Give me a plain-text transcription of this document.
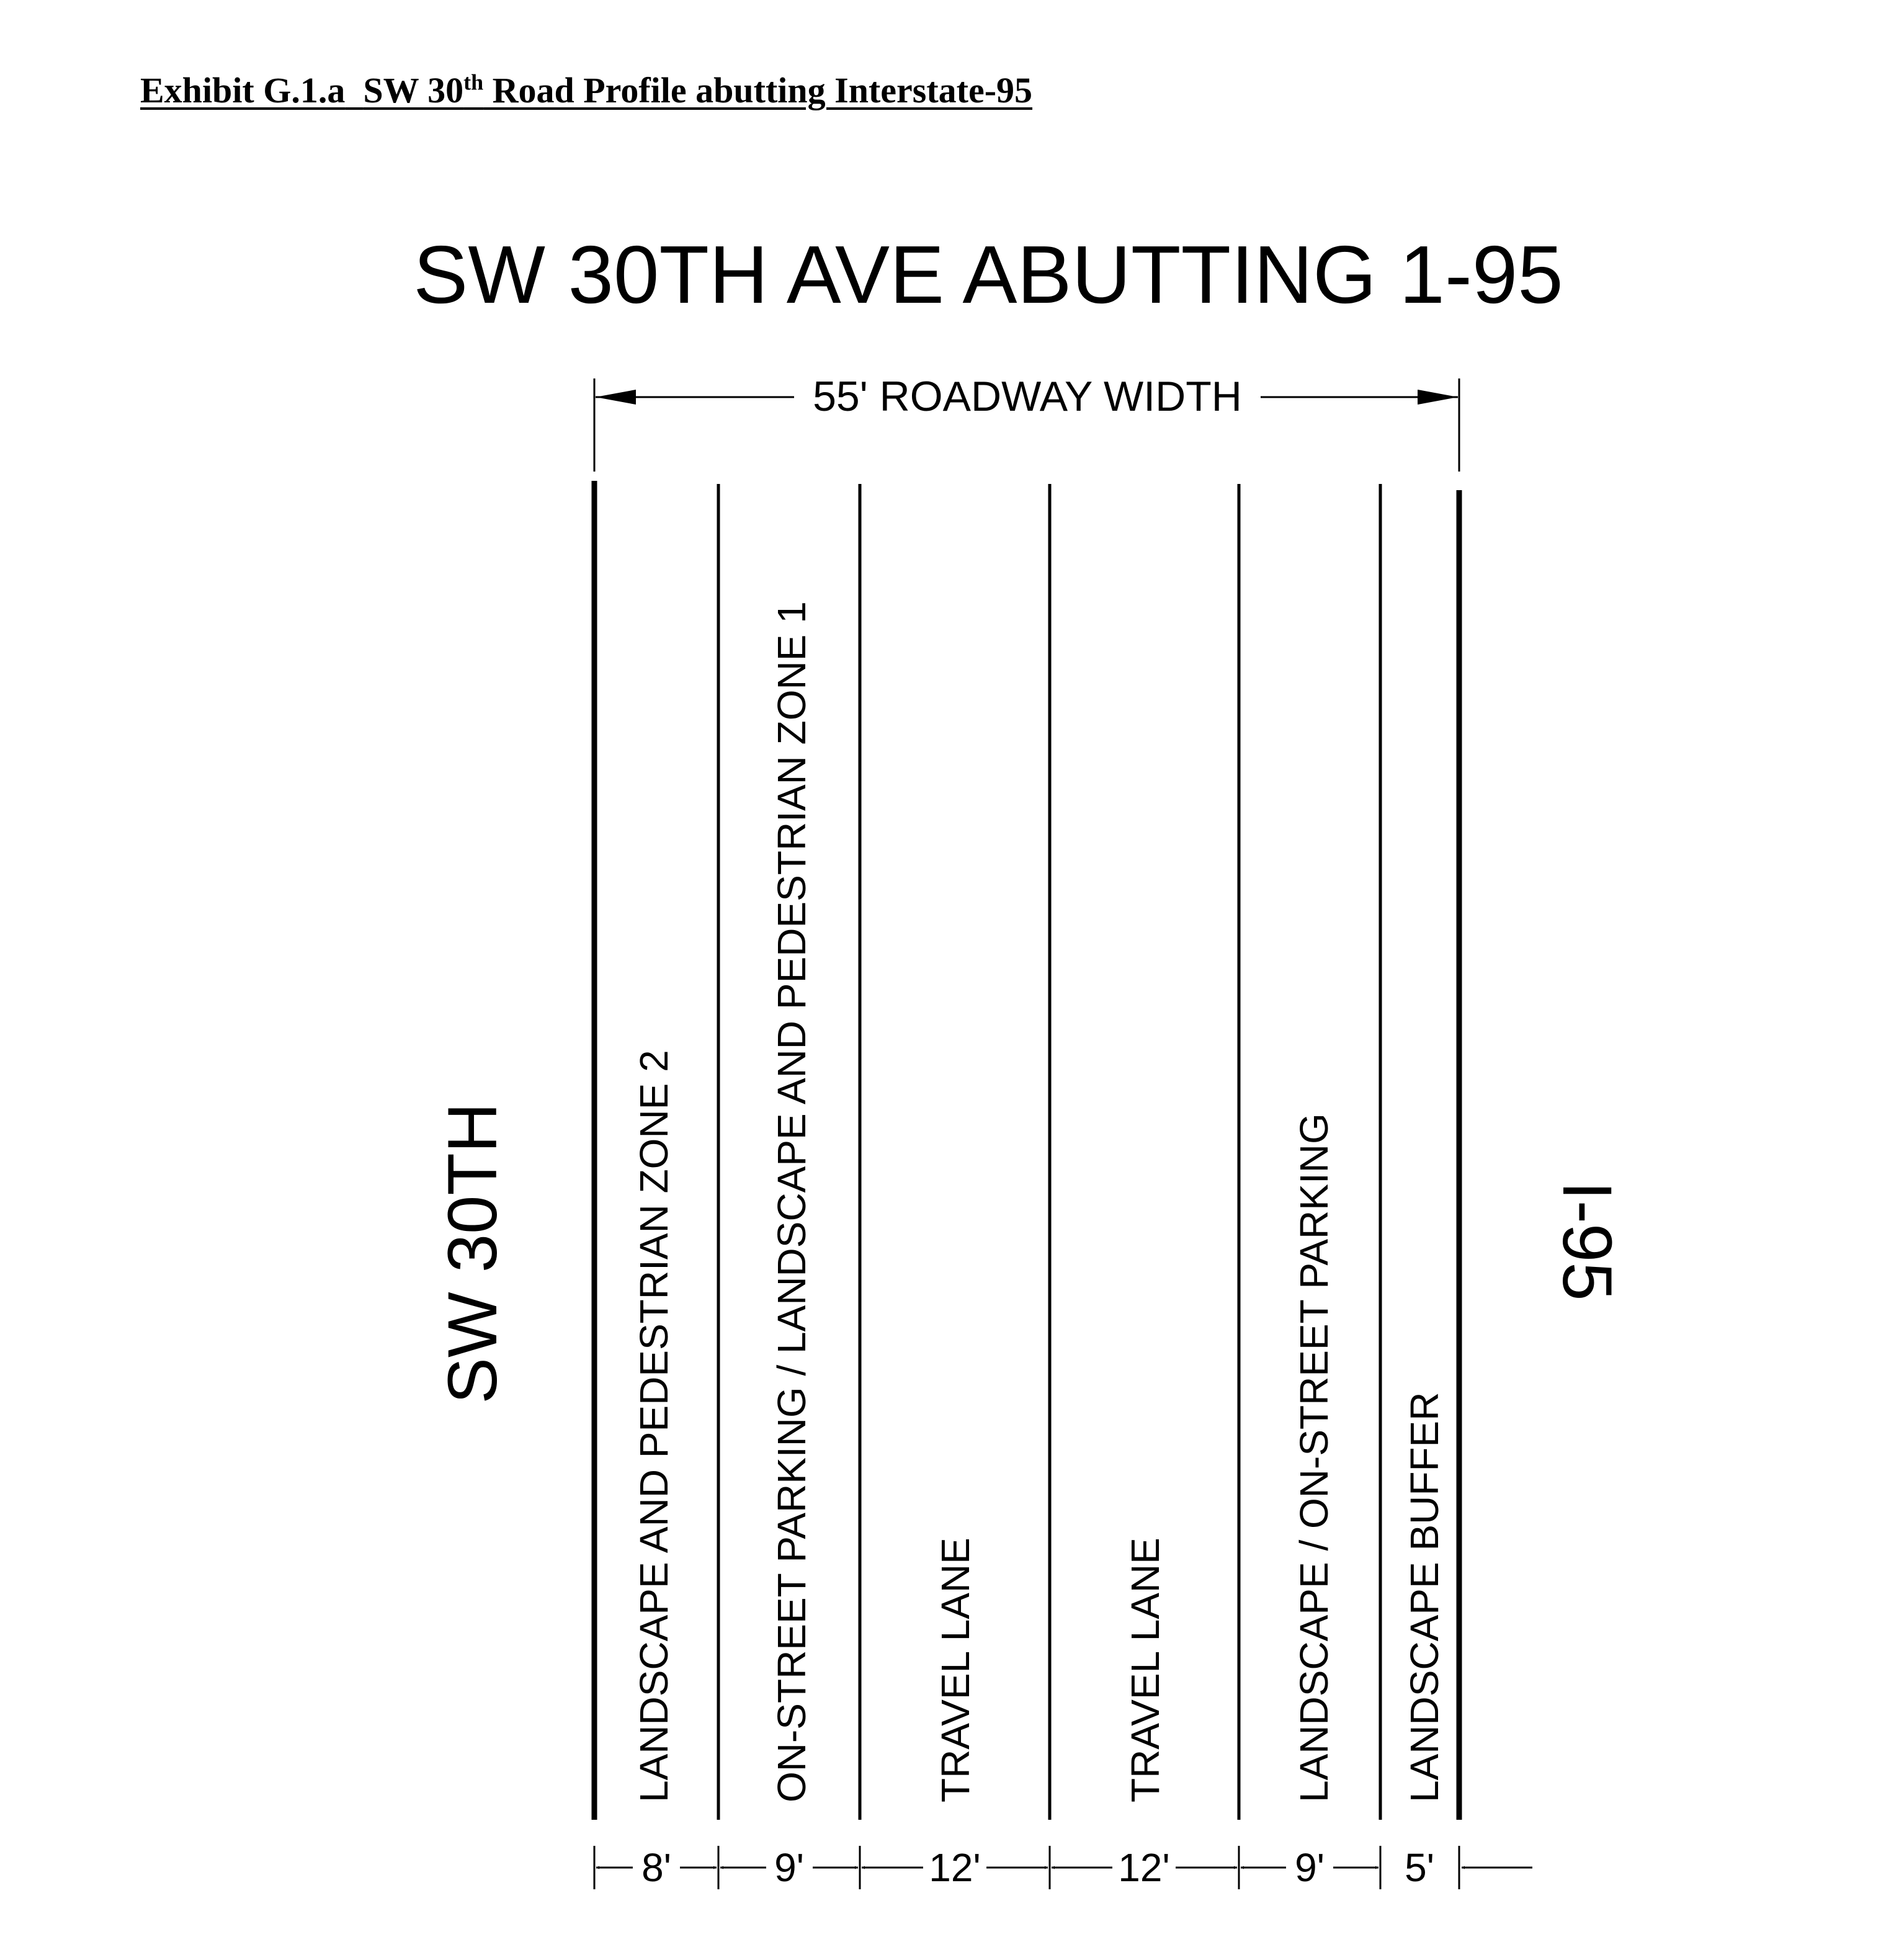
Exhibit G.1.a SW 30th Road Profile abutting Interstate-95
SW 30TH AVE ABUTTING 1-95
55' ROADWAY WIDTH
SW 30TH	I-95
LANDSCAPE AND PEDESTRIAN ZONE 2 ON-STREET PARKING / LANDSCAPE AND PEDESTRIAN ZONE 1	TRAVEL LANE	TRAVEL LANE	LANDSCAPE / ON-STREET PARKING LANDSCAPE BUFFER
8'	9'	12'	12'	9' 5'
